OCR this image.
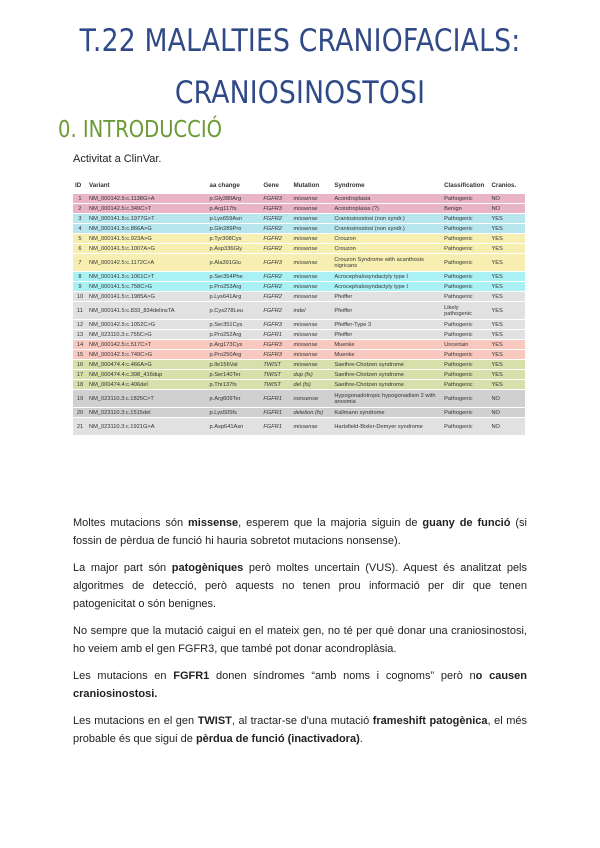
T.22 MALALTIES CRANIOFACIALS:
CRANIOSINOSTOSI
0. INTRODUCCIÓ
Activitat a ClinVar.
ID	Variant	aa change	Gene	Mutation	Syndrome	Classification	Cranios.
1	NM_000142.5:c.1138G>A	p.Gly380Arg	FGFR3	missense	Acondroplasia	Pathogenic	NO
2	NM_000142.5:c.349C>T	p.Arg117fs	FGFR3	missense	Acondroplasia (?)	Benign	NO
3	NM_000141.5:c.1977G>T	p.Lys659Asn	FGFR2	missense	Craniosinostosi (non syndr.)	Pathogenic	YES
4	NM_000141.5:c.866A>G	p.Gln289Pro	FGFR2	missense	Craniosinostosi (non syndr.)	Pathogenic	YES
5	NM_000141.5:c.923A>G	p.Tyr308Cys	FGFR2	missense	Crouzon	Pathogenic	YES
6	NM_000141.5:c.1007A>G	p.Asp336Gly	FGFR2	missense	Crouzon	Pathogenic	YES
7	NM_000142.5:c.1172C>A	p.Ala391Glu	FGFR3	missense	Crouzon Syndrome with acanthosis nigricans	Pathogenic	YES
8	NM_000141.5:c.1061C>T	p.Ser354Phe	FGFR2	missense	Acrocephalosyndactyly type I	Pathogenic	YES
9	NM_000141.5:c.758C>G	p.Pro253Arg	FGFR2	missense	Acrocephalosyndactyly type I	Pathogenic	YES
10	NM_000141.5:c.1985A>G	p.Lys641Arg	FGFR2	missense	Pfeiffer	Pathogenic	YES
11	NM_000141.5:c.833_834delinsTA	p.Cys278Leu	FGFR2	indel	Pfeiffer	Likely pathogenic	YES
12	NM_000142.5:c.1052C>G	p.Ser351Cys	FGFR3	missense	Pfeiffer-Type 3	Pathogenic	YES
13	NM_023110.3:c.755C>G	p.Pro252Arg	FGFR1	missense	Pfeiffer	Pathogenic	YES
14	NM_000142.5:c.517C>T	p.Arg173Cys	FGFR3	missense	Muenke	Uncertain	YES
15	NM_000142.5:c.749C>G	p.Pro250Arg	FGFR3	missense	Muenke	Pathogenic	YES
16	NM_000474.4:c.466A>G	p.Ile156Val	TWIST	missense	Saethre-Chotzen syndrome	Pathogenic	YES
17	NM_000474.4:c.398_416dup	p.Ser140Ter	TWIST	dup (fs)	Saethre-Chotzen syndrome	Pathogenic	YES
18	NM_000474.4:c.406del	p.Thr137fs	TWIST	del (fs)	Saethre-Chotzen syndrome	Pathogenic	YES
19	NM_023110.3:c.1825C>T	p.Arg609Ter	FGFR1	nonsense	Hypogonadotropic hypogonadism 2 with anosmia	Pathogenic	NO
20	NM_023110.3:c.1515del	p.Lys505fs	FGFR1	deletion (fs)	Kallmann syndrome	Pathogenic	NO
21	NM_023110.3:c.1921G>A	p.Asp641Asn	FGFR1	missense	Hartsfield-Bixler-Demyer syndrome	Pathogenic	NO
Moltes mutacions són missense, esperem que la majoria siguin de guany de funció (si fossin de pèrdua de funció hi hauria sobretot mutacions nonsense).
La major part són patogèniques però moltes uncertain (VUS). Aquest és analitzat pels algoritmes de detecció, però aquests no tenen prou informació per dir que tenen patogenicitat o són benignes.
No sempre que la mutació caigui en el mateix gen, no té per què donar una craniosinostosi, ho veiem amb el gen FGFR3, que també pot donar acondroplàsia.
Les mutacions en FGFR1 donen síndromes “amb noms i cognoms” però no causen craniosinostosi.
Les mutacions en el gen TWIST, al tractar-se d'una mutació frameshift patogènica, el més probable és que sigui de pèrdua de funció (inactivadora).
